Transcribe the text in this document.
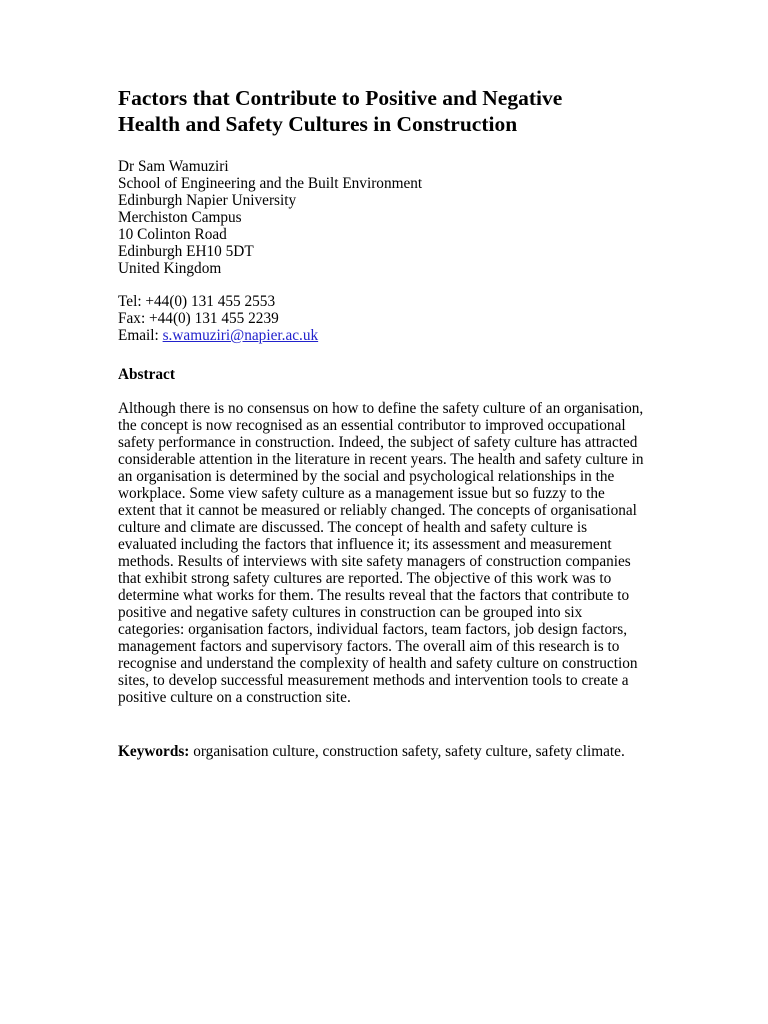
Factors that Contribute to Positive and Negative
Health and Safety Cultures in Construction
Dr Sam Wamuziri
School of Engineering and the Built Environment
Edinburgh Napier University
Merchiston Campus
10 Colinton Road
Edinburgh EH10 5DT
United Kingdom
Tel: +44(0) 131 455 2553
Fax: +44(0) 131 455 2239
Email: s.wamuziri@napier.ac.uk
Abstract
Although there is no consensus on how to define the safety culture of an organisation,
the concept is now recognised as an essential contributor to improved occupational
safety performance in construction. Indeed, the subject of safety culture has attracted
considerable attention in the literature in recent years. The health and safety culture in
an organisation is determined by the social and psychological relationships in the
workplace. Some view safety culture as a management issue but so fuzzy to the
extent that it cannot be measured or reliably changed. The concepts of organisational
culture and climate are discussed. The concept of health and safety culture is
evaluated including the factors that influence it; its assessment and measurement
methods. Results of interviews with site safety managers of construction companies
that exhibit strong safety cultures are reported. The objective of this work was to
determine what works for them. The results reveal that the factors that contribute to
positive and negative safety cultures in construction can be grouped into six
categories: organisation factors, individual factors, team factors, job design factors,
management factors and supervisory factors. The overall aim of this research is to
recognise and understand the complexity of health and safety culture on construction
sites, to develop successful measurement methods and intervention tools to create a
positive culture on a construction site.
Keywords: organisation culture, construction safety, safety culture, safety climate.
